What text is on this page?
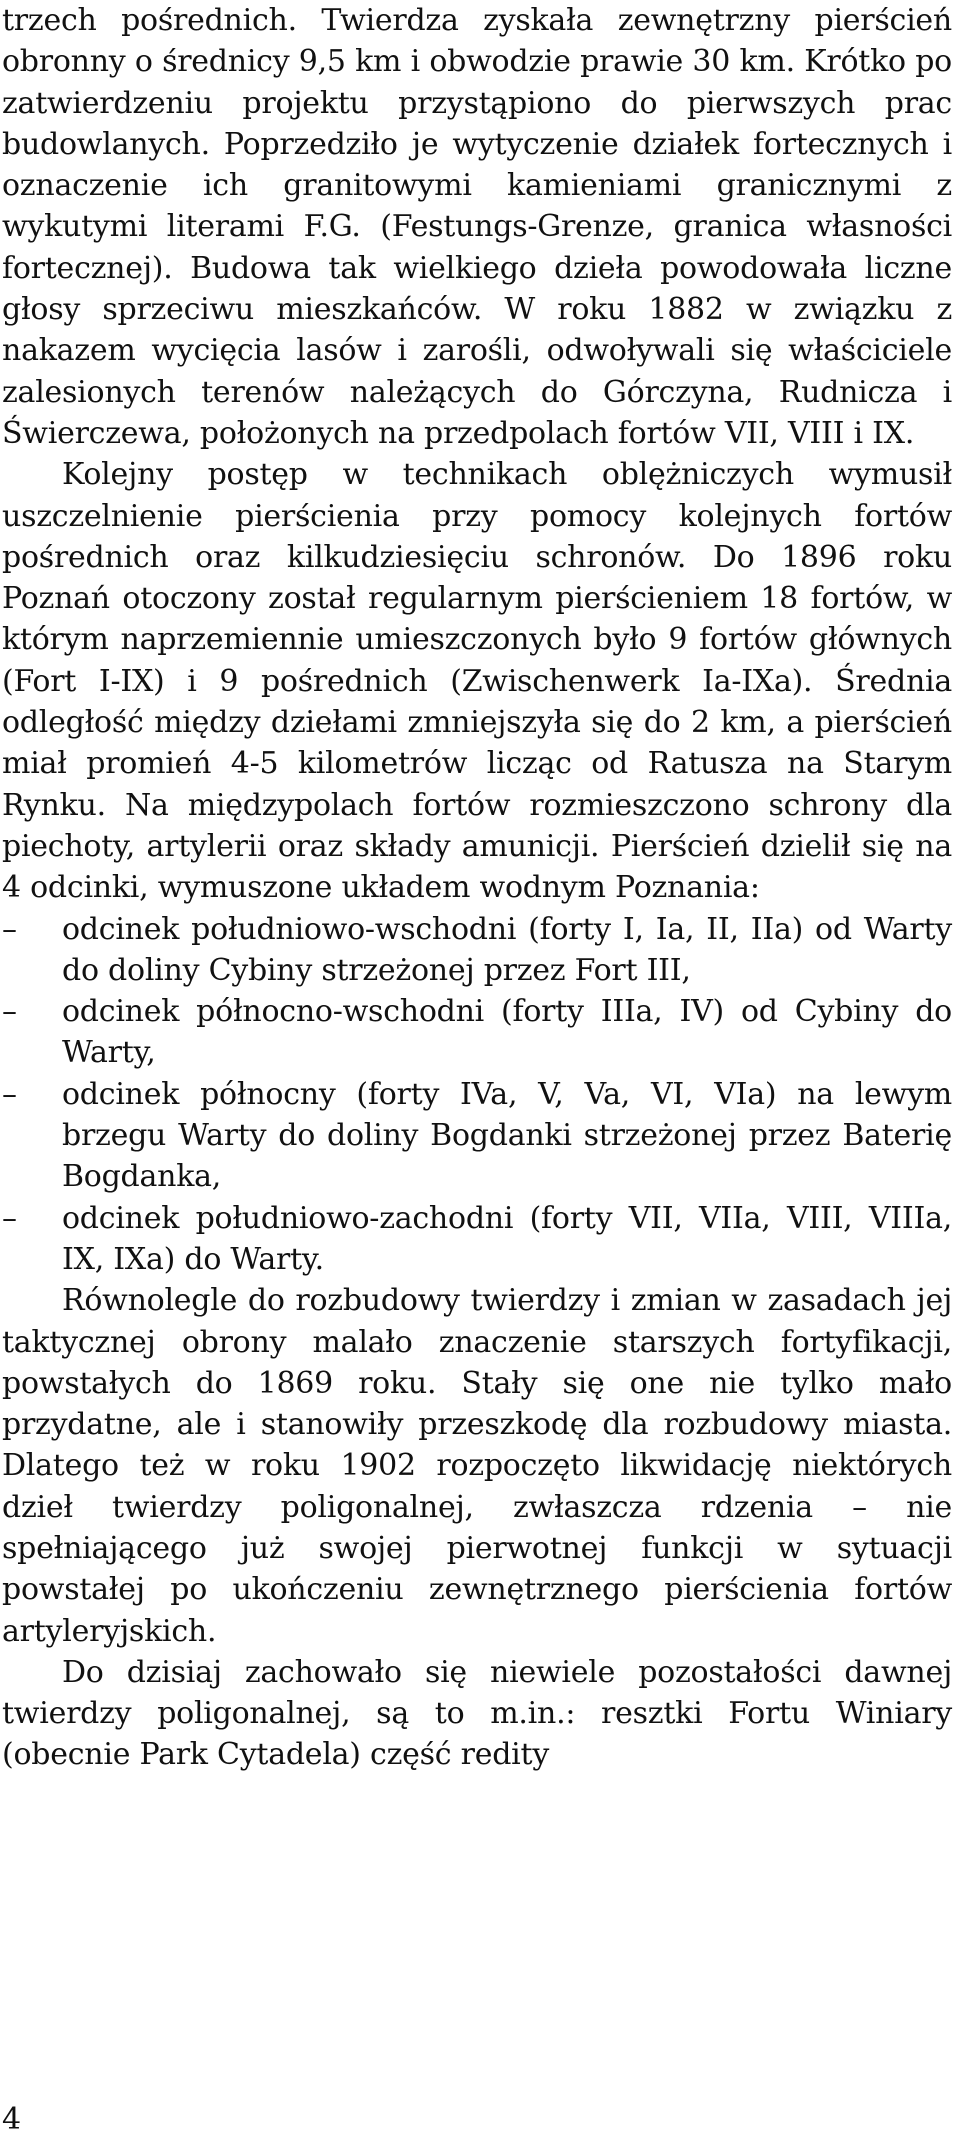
trzech pośrednich. Twierdza zyskała zewnętrzny pierścień obronny o średnicy 9,5 km i obwodzie prawie 30 km. Krótko po zatwierdzeniu projektu przystąpiono do pierwszych prac budowlanych. Poprzedziło je wytyczenie działek fortecznych i oznaczenie ich granitowymi kamieniami granicznymi z wykutymi literami F.G. (Festungs-Grenze, granica własności fortecznej). Budowa tak wielkiego dzieła powodowała liczne głosy sprzeciwu mieszkańców. W roku 1882 w związku z nakazem wycięcia lasów i zarośli, odwoływali się właściciele zalesionych terenów należących do Górczyna, Rudnicza i Świerczewa, położonych na przedpolach fortów VII, VIII i IX.

Kolejny postęp w technikach oblężniczych wymusił uszczelnienie pierścienia przy pomocy kolejnych fortów pośrednich oraz kilkudziesięciu schronów. Do 1896 roku Poznań otoczony został regularnym pierścieniem 18 fortów, w którym naprzemiennie umieszczonych było 9 fortów głównych (Fort I-IX) i 9 pośrednich (Zwischenwerk Ia-IXa). Średnia odległość między dziełami zmniejszyła się do 2 km, a pierścień miał promień 4-5 kilometrów licząc od Ratusza na Starym Rynku. Na międzypolach fortów rozmieszczono schrony dla piechoty, artylerii oraz składy amunicji. Pierścień dzielił się na 4 odcinki, wymuszone układem wodnym Poznania:

–	odcinek południowo-wschodni (forty I, Ia, II, IIa) od Warty do doliny Cybiny strzeżonej przez Fort III,
–	odcinek północno-wschodni (forty IIIa, IV) od Cybiny do Warty,
–	odcinek północny (forty IVa, V, Va, VI, VIa) na lewym brzegu Warty do doliny Bogdanki strzeżonej przez Baterię Bogdanka,
–	odcinek południowo-zachodni (forty VII, VIIa, VIII, VIIIa, IX, IXa) do Warty.

Równolegle do rozbudowy twierdzy i zmian w zasadach jej taktycznej obrony malało znaczenie starszych fortyfikacji, powstałych do 1869 roku. Stały się one nie tylko mało przydatne, ale i stanowiły przeszkodę dla rozbudowy miasta. Dlatego też w roku 1902 rozpoczęto likwidację niektórych dzieł twierdzy poligonalnej, zwłaszcza rdzenia – nie spełniającego już swojej pierwotnej funkcji w sytuacji powstałej po ukończeniu zewnętrznego pierścienia fortów artyleryjskich.

Do dzisiaj zachowało się niewiele pozostałości dawnej twierdzy poligonalnej, są to m.in.: resztki Fortu Winiary (obecnie Park Cytadela) część redity

4
